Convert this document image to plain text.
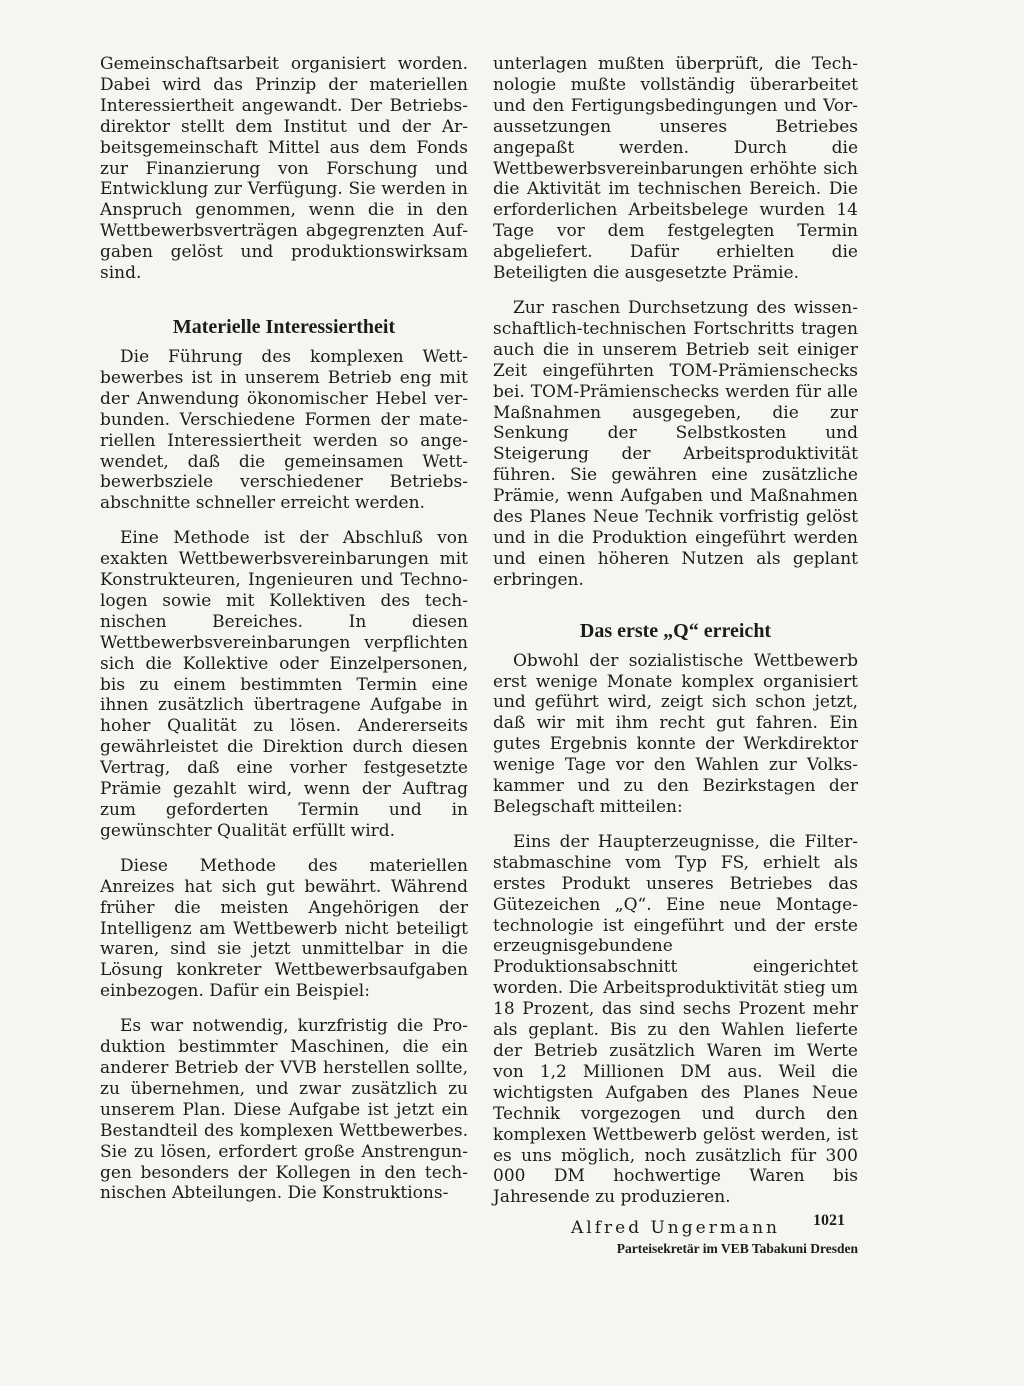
Gemeinschaftsarbeit organisiert worden. Dabei wird das Prinzip der materiellen Interessiertheit angewandt. Der Betriebsdirektor stellt dem Institut und der Arbeitsgemeinschaft Mittel aus dem Fonds zur Finanzierung von Forschung und Entwicklung zur Verfügung. Sie werden in Anspruch genommen, wenn die in den Wettbewerbsverträgen abgegrenzten Aufgaben gelöst und produktionswirksam sind.

Materielle Interessiertheit

Die Führung des komplexen Wettbewerbes ist in unserem Betrieb eng mit der Anwendung ökonomischer Hebel verbunden. Verschiedene Formen der materiellen Interessiertheit werden so angewendet, daß die gemeinsamen Wettbewerbsziele verschiedener Betriebsabschnitte schneller erreicht werden.

Eine Methode ist der Abschluß von exakten Wettbewerbsvereinbarungen mit Konstrukteuren, Ingenieuren und Technologen sowie mit Kollektiven des technischen Bereiches. In diesen Wettbewerbsvereinbarungen verpflichten sich die Kollektive oder Einzelpersonen, bis zu einem bestimmten Termin eine ihnen zusätzlich übertragene Aufgabe in hoher Qualität zu lösen. Andererseits gewährleistet die Direktion durch diesen Vertrag, daß eine vorher festgesetzte Prämie gezahlt wird, wenn der Auftrag zum geforderten Termin und in gewünschter Qualität erfüllt wird.

Diese Methode des materiellen Anreizes hat sich gut bewährt. Während früher die meisten Angehörigen der Intelligenz am Wettbewerb nicht beteiligt waren, sind sie jetzt unmittelbar in die Lösung konkreter Wettbewerbsaufgaben einbezogen. Dafür ein Beispiel:

Es war notwendig, kurzfristig die Produktion bestimmter Maschinen, die ein anderer Betrieb der VVB herstellen sollte, zu übernehmen, und zwar zusätzlich zu unserem Plan. Diese Aufgabe ist jetzt ein Bestandteil des komplexen Wettbewerbes. Sie zu lösen, erfordert große Anstrengungen besonders der Kollegen in den technischen Abteilungen. Die Konstruktions-

unterlagen mußten überprüft, die Technologie mußte vollständig überarbeitet und den Fertigungsbedingungen und Voraussetzungen unseres Betriebes angepaßt werden. Durch die Wettbewerbsvereinbarungen erhöhte sich die Aktivität im technischen Bereich. Die erforderlichen Arbeitsbelege wurden 14 Tage vor dem festgelegten Termin abgeliefert. Dafür erhielten die Beteiligten die ausgesetzte Prämie.

Zur raschen Durchsetzung des wissenschaftlich-technischen Fortschritts tragen auch die in unserem Betrieb seit einiger Zeit eingeführten TOM-Prämienschecks bei. TOM-Prämienschecks werden für alle Maßnahmen ausgegeben, die zur Senkung der Selbstkosten und Steigerung der Arbeitsproduktivität führen. Sie gewähren eine zusätzliche Prämie, wenn Aufgaben und Maßnahmen des Planes Neue Technik vorfristig gelöst und in die Produktion eingeführt werden und einen höheren Nutzen als geplant erbringen.

Das erste „Q“ erreicht

Obwohl der sozialistische Wettbewerb erst wenige Monate komplex organisiert und geführt wird, zeigt sich schon jetzt, daß wir mit ihm recht gut fahren. Ein gutes Ergebnis konnte der Werkdirektor wenige Tage vor den Wahlen zur Volkskammer und zu den Bezirkstagen der Belegschaft mitteilen:

Eins der Haupterzeugnisse, die Filterstabmaschine vom Typ FS, erhielt als erstes Produkt unseres Betriebes das Gütezeichen „Q“. Eine neue Montagetechnologie ist eingeführt und der erste erzeugnisgebundene Produktionsabschnitt eingerichtet worden. Die Arbeitsproduktivität stieg um 18 Prozent, das sind sechs Prozent mehr als geplant. Bis zu den Wahlen lieferte der Betrieb zusätzlich Waren im Werte von 1,2 Millionen DM aus. Weil die wichtigsten Aufgaben des Planes Neue Technik vorgezogen und durch den komplexen Wettbewerb gelöst werden, ist es uns möglich, noch zusätzlich für 300 000 DM hochwertige Waren bis Jahresende zu produzieren.

Alfred Ungermann

Parteisekretär im VEB Tabakuni Dresden

1021
